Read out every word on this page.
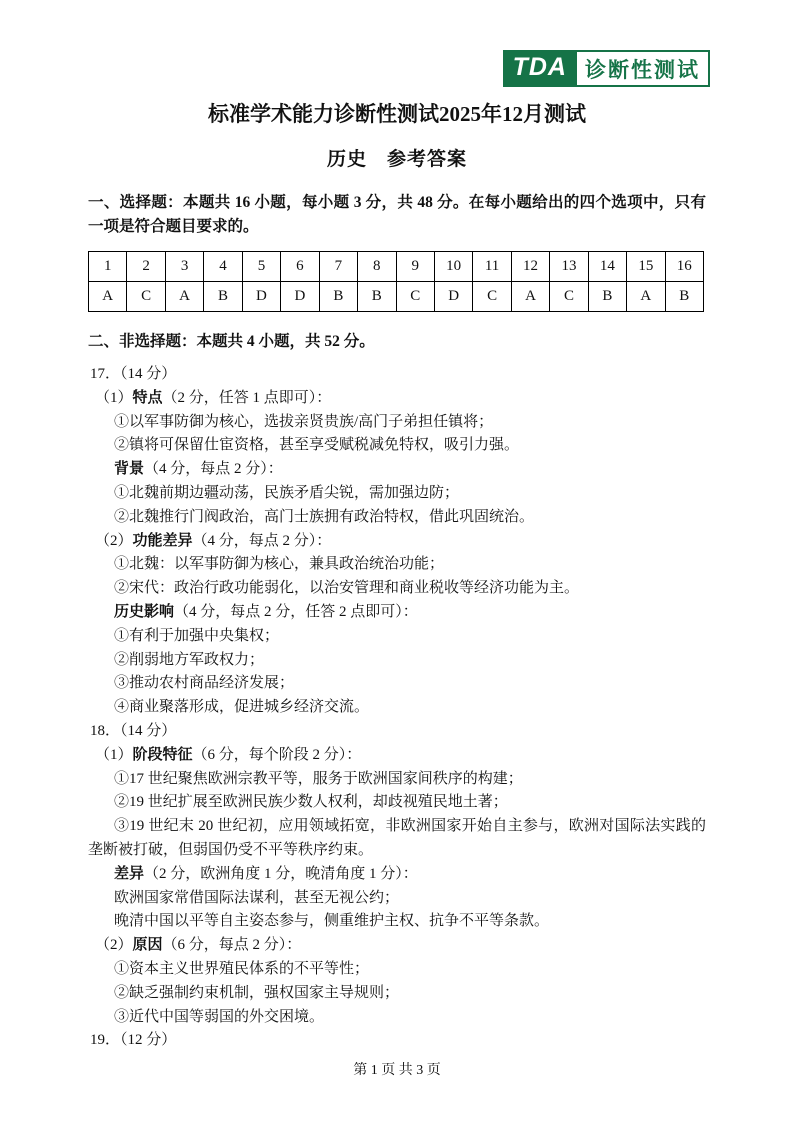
TDA 诊断性测试
标准学术能力诊断性测试2025年12月测试
历史　参考答案

一、选择题：本题共 16 小题，每小题 3 分，共 48 分。在每小题给出的四个选项中，只有一项是符合题目要求的。

1	2	3	4	5	6	7	8	9	10	11	12	13	14	15	16
A	C	A	B	D	D	B	B	C	D	C	A	C	B	A	B

二、非选择题：本题共 4 小题，共 52 分。

17．（14 分）
（1）特点（2 分，任答 1 点即可）：
①以军事防御为核心，选拔亲贤贵族/高门子弟担任镇将；
②镇将可保留仕宦资格，甚至享受赋税减免特权，吸引力强。
背景（4 分，每点 2 分）：
①北魏前期边疆动荡，民族矛盾尖锐，需加强边防；
②北魏推行门阀政治，高门士族拥有政治特权，借此巩固统治。
（2）功能差异（4 分，每点 2 分）：
①北魏：以军事防御为核心，兼具政治统治功能；
②宋代：政治行政功能弱化，以治安管理和商业税收等经济功能为主。
历史影响（4 分，每点 2 分，任答 2 点即可）：
①有利于加强中央集权；
②削弱地方军政权力；
③推动农村商品经济发展；
④商业聚落形成，促进城乡经济交流。
18．（14 分）
（1）阶段特征（6 分，每个阶段 2 分）：
①17 世纪聚焦欧洲宗教平等，服务于欧洲国家间秩序的构建；
②19 世纪扩展至欧洲民族少数人权利，却歧视殖民地土著；
③19 世纪末 20 世纪初，应用领域拓宽，非欧洲国家开始自主参与，欧洲对国际法实践的垄断被打破，但弱国仍受不平等秩序约束。
差异（2 分，欧洲角度 1 分，晚清角度 1 分）：
欧洲国家常借国际法谋利，甚至无视公约；
晚清中国以平等自主姿态参与，侧重维护主权、抗争不平等条款。
（2）原因（6 分，每点 2 分）：
①资本主义世界殖民体系的不平等性；
②缺乏强制约束机制，强权国家主导规则；
③近代中国等弱国的外交困境。
19．（12 分）
第 1 页 共 3 页
